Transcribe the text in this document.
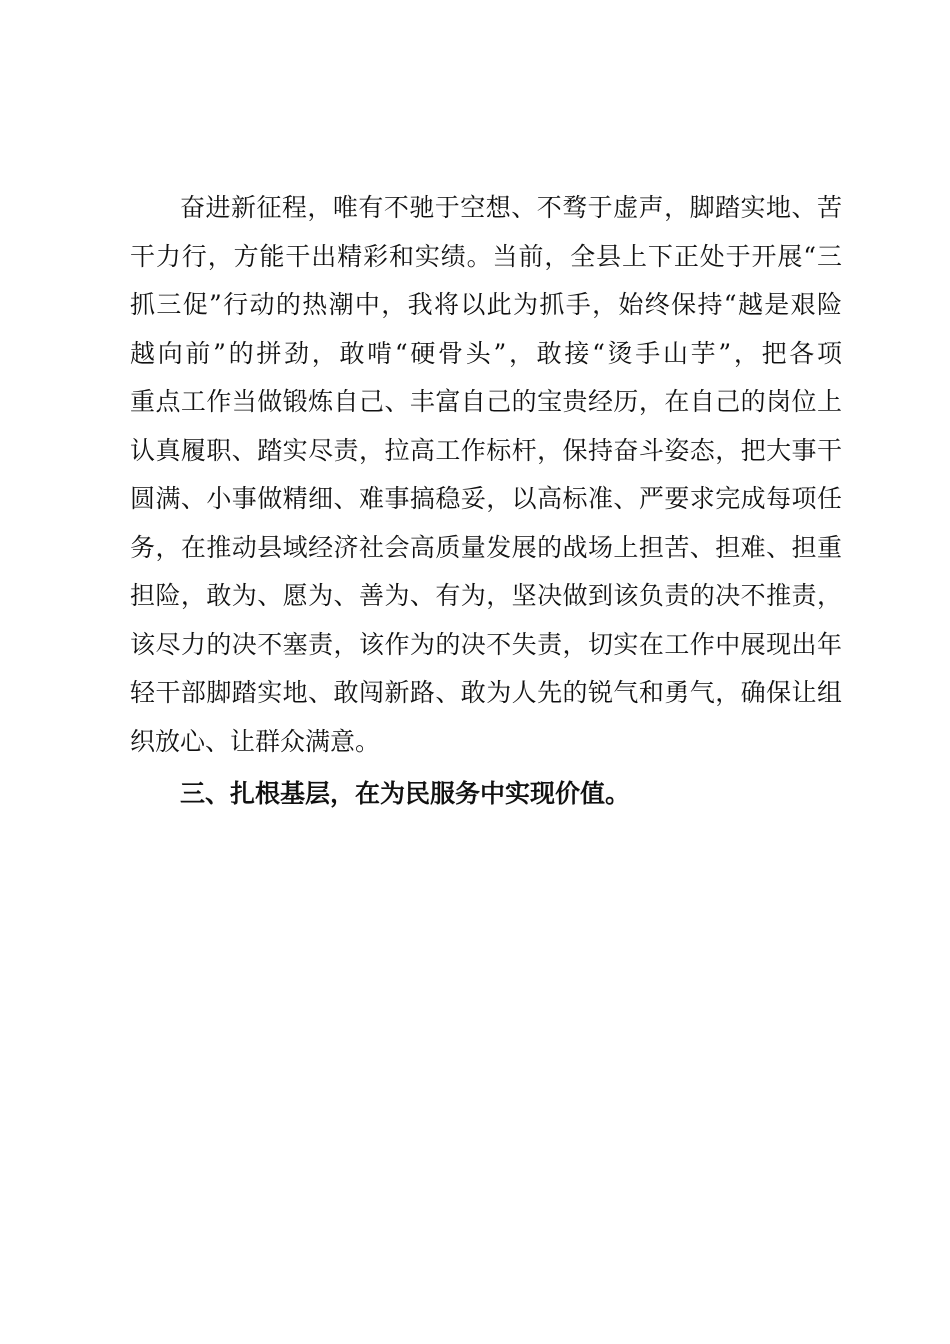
奋进新征程，唯有不驰于空想、不骛于虚声，脚踏实地、苦
干力行，方能干出精彩和实绩。当前，全县上下正处于开展“三
抓三促”行动的热潮中，我将以此为抓手，始终保持“越是艰险
越向前”的拼劲，敢啃“硬骨头”，敢接“烫手山芋”，把各项
重点工作当做锻炼自己、丰富自己的宝贵经历，在自己的岗位上
认真履职、踏实尽责，拉高工作标杆，保持奋斗姿态，把大事干
圆满、小事做精细、难事搞稳妥，以高标准、严要求完成每项任
务，在推动县域经济社会高质量发展的战场上担苦、担难、担重
担险，敢为、愿为、善为、有为，坚决做到该负责的决不推责，
该尽力的决不塞责，该作为的决不失责，切实在工作中展现出年
轻干部脚踏实地、敢闯新路、敢为人先的锐气和勇气，确保让组
织放心、让群众满意。
三、扎根基层，在为民服务中实现价值。
